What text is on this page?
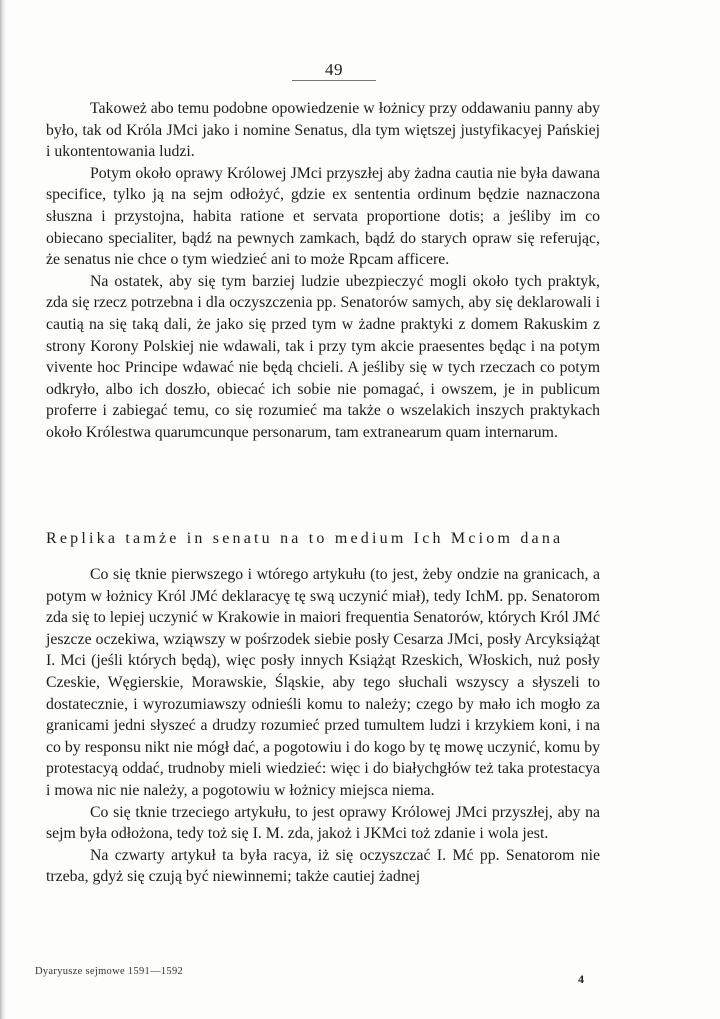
49

Takoweż abo temu podobne opowiedzenie w łożnicy przy oddawaniu panny aby było, tak od Króla JMci jako i nomine Senatus, dla tym więtszej justyfikacyej Pańskiej i ukontentowania ludzi.

Potym około oprawy Królowej JMci przyszłej aby żadna cautia nie była dawana specifice, tylko ją na sejm odłożyć, gdzie ex sententia ordinum będzie naznaczona słuszna i przystojna, habita ratione et servata proportione dotis; a jeśliby im co obiecano specialiter, bądź na pewnych zamkach, bądź do starych opraw się referując, że senatus nie chce o tym wiedzieć ani to może Rpcam afficere.

Na ostatek, aby się tym barziej ludzie ubezpieczyć mogli około tych praktyk, zda się rzecz potrzebna i dla oczyszczenia pp. Senatorów samych, aby się deklarowali i cautią na się taką dali, że jako się przed tym w żadne praktyki z domem Rakuskim z strony Korony Polskiej nie wdawali, tak i przy tym akcie praesentes będąc i na potym vivente hoc Principe wdawać nie będą chcieli. A jeśliby się w tych rzeczach co potym odkryło, albo ich doszło, obiecać ich sobie nie pomagać, i owszem, je in publicum proferre i zabiegać temu, co się rozumieć ma także o wszelakich inszych praktykach około Królestwa quarumcunque personarum, tam extranearum quam internarum.

Replika tamże in senatu na to medium Ich Mciom dana

Co się tknie pierwszego i wtórego artykułu (to jest, żeby ondzie na granicach, a potym w łożnicy Król JMć deklaracyę tę swą uczynić miał), tedy IchM. pp. Senatorom zda się to lepiej uczynić w Krakowie in maiori frequentia Senatorów, których Król JMć jeszcze oczekiwa, wziąwszy w pośrzodek siebie posły Cesarza JMci, posły Arcyksiążąt I. Mci (jeśli których będą), więc posły innych Książąt Rzeskich, Włoskich, nuż posły Czeskie, Węgierskie, Morawskie, Śląskie, aby tego słuchali wszyscy a słyszeli to dostatecznie, i wyrozumiawszy odnieśli komu to należy; czego by mało ich mogło za granicami jedni słyszeć a drudzy rozumieć przed tumultem ludzi i krzykiem koni, i na co by responsu nikt nie mógł dać, a pogotowiu i do kogo by tę mowę uczynić, komu by protestacyą oddać, trudnoby mieli wiedzieć: więc i do białychgłów też taka protestacya i mowa nic nie należy, a pogotowiu w łożnicy miejsca niema.

Co się tknie trzeciego artykułu, to jest oprawy Królowej JMci przyszłej, aby na sejm była odłożona, tedy toż się I. M. zda, jakoż i JKMci toż zdanie i wola jest.

Na czwarty artykuł ta była racya, iż się oczyszczać I. Mć pp. Senatorom nie trzeba, gdyż się czują być niewinnemi; także cautiej żadnej

Dyaryusze sejmowe 1591—1592
4
